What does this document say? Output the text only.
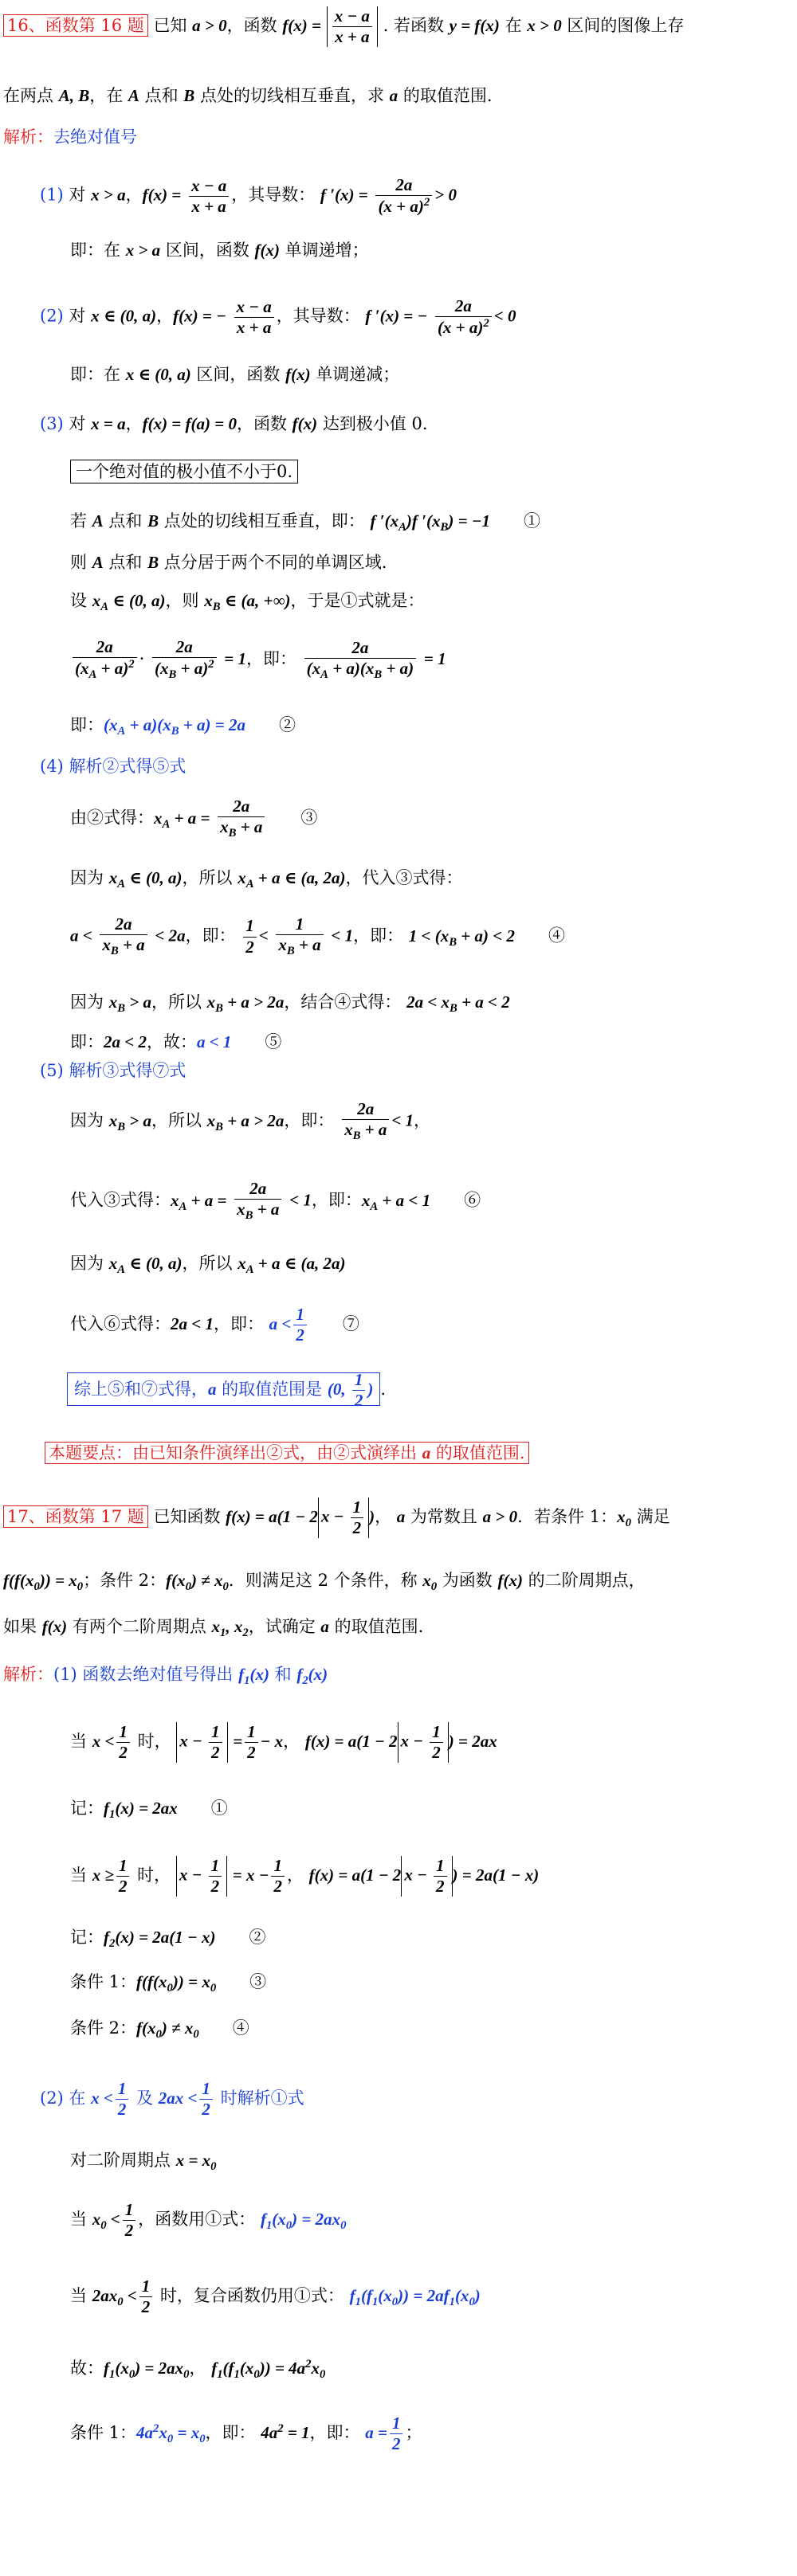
16、函数第 16 题 已知 a > 0，函数 $f(x) = \frac{x - a}{x + a}$ . 若函数 y = f(x) 在 x > 0 区间的图像上存
在两点 A, B，在 A 点和 B 点处的切线相互垂直，求 a 的取值范围.
解析：去绝对值号
(1) 对 x > a，$f(x) = \frac{x - a}{x + a}$ ，其导数： f $'(x) = \frac{2a}{(x + a)^2} > 0$
即：在 x > a 区间，函数 f(x) 单调递增；
(2) 对 x ∈ (0, a)，f(x) = − $\frac{x - a}{x + a}$ ，其导数： f ′(x) = − $\frac{2a}{(x + a)^2} < 0$
即：在 x ∈ (0, a) 区间，函数 f(x) 单调递减；
(3) 对 x = a，f(x) = f(a) = 0，函数 f(x) 达到极小值 0.
一个绝对值的极小值不小于0.
若 A 点和 B 点处的切线相互垂直，即： f $'(x_A)f$ $'(x_B) = -1$　　①
则 A 点和 B 点分居于两个不同的单调区域.
设 $x_A$ ∈ (0, a)，则 $x_B$ ∈ (a, +∞)，于是①式就是：
$\frac{2a}{(x_A + a)^2} \cdot \frac{2a}{(x_B + a)^2} = 1$，即： $\frac{2a}{(x_A + a)(x_B + a)} = 1$
即：$(x_A + a)(x_B + a) = 2a$　　②
(4) 解析②式得⑤式
由②式得：$x_A + a = \frac{2a}{x_B + a}$ 　　③
因为 $x_A$ ∈ (0, a)，所以 $x_A + a$ ∈ (a, 2a)，代入③式得：
$a < \frac{2a}{x_B + a} < 2a$，即： $\frac{1}{2} < \frac{1}{x_B + a} < 1$，即： $1 < (x_B + a) < 2$　　④
因为 $x_B > a$，所以 $x_B + a > 2a$，结合④式得： $2a < x_B + a < 2$
即：2a < 2，故：a < 1　　⑤
(5) 解析③式得⑦式
因为 $x_B > a$，所以 $x_B + a > 2a$，即： $\frac{2a}{x_B + a} < 1$，
代入③式得：$x_A + a = \frac{2a}{x_B + a} < 1$，即：$x_A + a < 1$　　⑥
因为 $x_A$ ∈ (0, a)，所以 $x_A + a$ ∈ (a, 2a)
代入⑥式得：2a < 1，即： $a < \frac{1}{2}$ 　　⑦
综上⑤和⑦式得，a 的取值范围是 (0, $\frac{1}{2}$ ) .
本题要点：由已知条件演绎出②式，由②式演绎出 a 的取值范围.
17、函数第 17 题 已知函数 f(x) = a(1 − 2 $x - \frac{1}{2}$ )， a 为常数且 a > 0．若条件 1：$x_0$ 满足
$f(f(x_0)) = x_0$；条件 2：$f(x_0) \ne x_0$．则满足这 2 个条件，称 $x_0$ 为函数 f(x) 的二阶周期点，
如果 f(x) 有两个二阶周期点 $x_1$, $x_2$，试确定 a 的取值范围.
解析：(1) 函数去绝对值号得出 $f_1(x)$ 和 $f_2(x)$
当 $x < \frac{1}{2}$ 时， $x - \frac{1}{2} = \frac{1}{2} - x$， f(x) = a(1 − 2 $x - \frac{1}{2}$ ) = 2ax
记：$f_1(x) = 2ax$　　①
当 $x \ge \frac{1}{2}$ 时， $x - \frac{1}{2} = x - \frac{1}{2}$ ， f(x) = a(1 − 2 $x - \frac{1}{2}$ ) = 2a(1 − x)
记：$f_2(x) = 2a(1 - x)$　　②
条件 1：$f(f(x_0)) = x_0$　　③
条件 2：$f(x_0) \ne x_0$　　④
(2) 在 $x < \frac{1}{2}$ 及 $2ax < \frac{1}{2}$ 时解析①式
对二阶周期点 $x = x_0$
当 $x_0 < \frac{1}{2}$ ，函数用①式： $f_1(x_0) = 2ax_0$
当 $2ax_0 < \frac{1}{2}$ 时，复合函数仍用①式： $f_1(f_1(x_0)) = 2af_1(x_0)$
故：$f_1(x_0) = 2ax_0$， $f_1(f_1(x_0)) = 4a^2x_0$
条件 1：$4a^2x_0 = x_0$，即： $4a^2 = 1$，即： $a = \frac{1}{2}$ ；
